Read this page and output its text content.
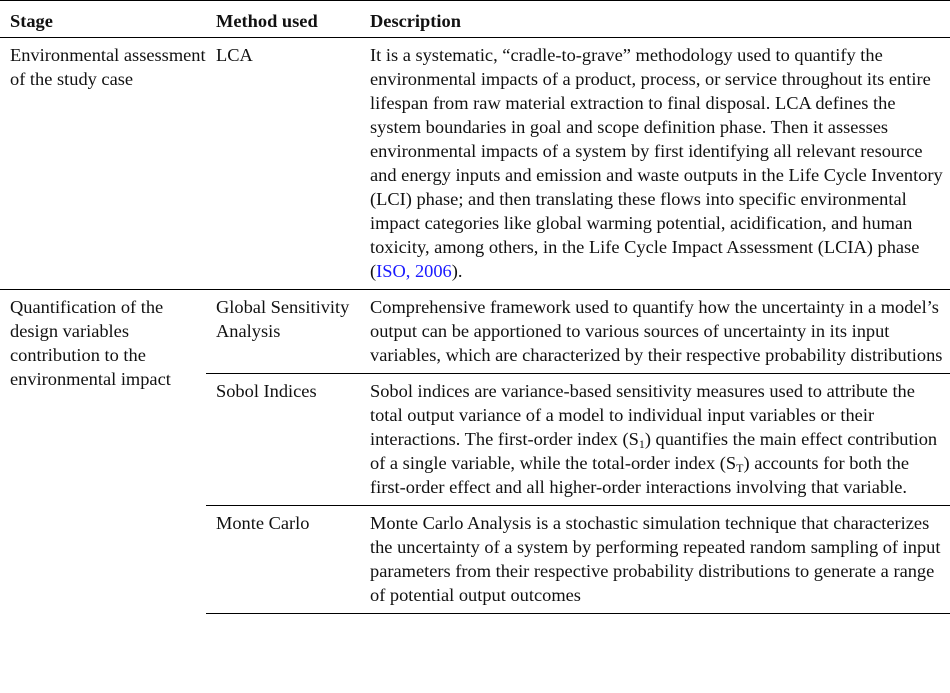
Stage	Method used	Description
Environmental assessment of the study case	LCA	It is a systematic, “cradle-to-grave” methodology used to quantify the environmental impacts of a product, process, or service throughout its entire lifespan from raw material extraction to final disposal. LCA defines the system boundaries in goal and scope definition phase. Then it assesses environmental impacts of a system by first identifying all relevant resource and energy inputs and emission and waste outputs in the Life Cycle Inventory (LCI) phase; and then translating these flows into specific environmental impact categories like global warming potential, acidification, and human toxicity, among others, in the Life Cycle Impact Assessment (LCIA) phase (ISO, 2006).
Quantification of the design variables contribution to the environmental impact	Global Sensitivity Analysis	Comprehensive framework used to quantify how the uncertainty in a model’s output can be apportioned to various sources of uncertainty in its input variables, which are characterized by their respective probability distributions
	Sobol Indices	Sobol indices are variance-based sensitivity measures used to attribute the total output variance of a model to individual input variables or their interactions. The first-order index $(S_1)$ quantifies the main effect contribution of a single variable, while the total-order index $(S_T)$ accounts for both the first-order effect and all higher-order interactions involving that variable.
	Monte Carlo	Monte Carlo Analysis is a stochastic simulation technique that characterizes the uncertainty of a system by performing repeated random sampling of input parameters from their respective probability distributions to generate a range of potential output outcomes
